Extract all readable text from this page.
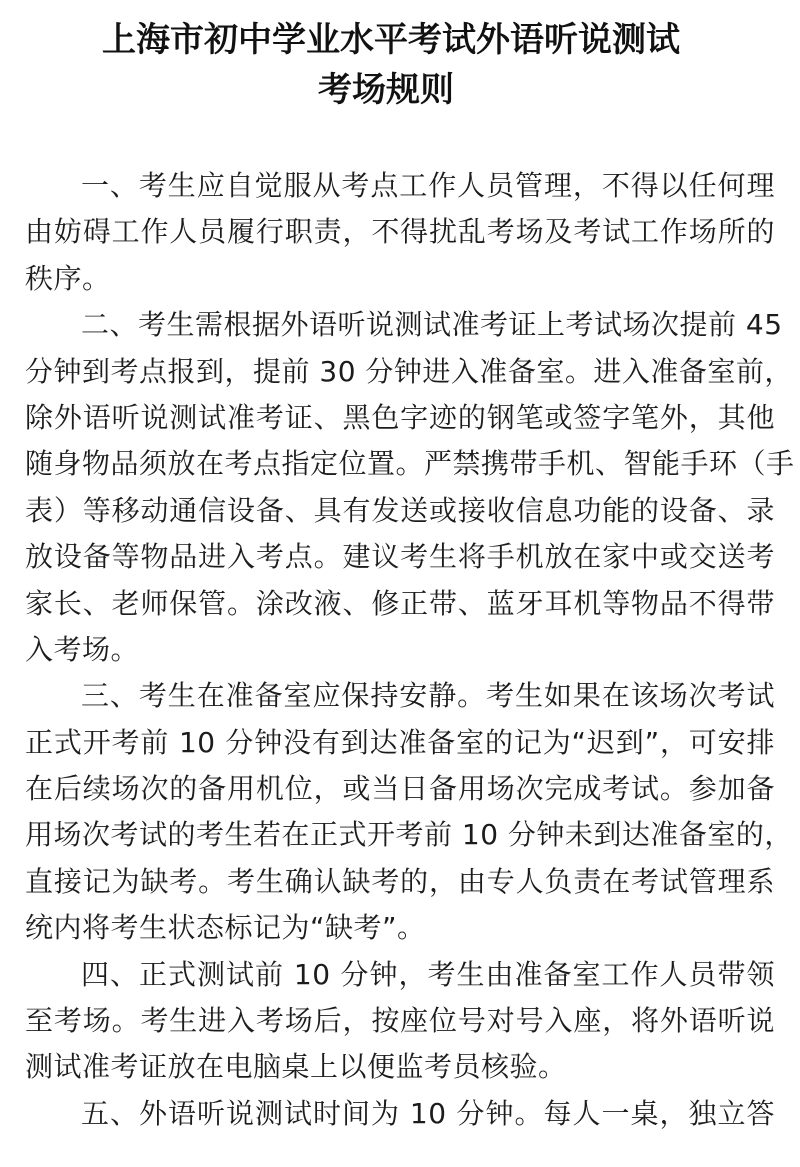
上海市初中学业水平考试外语听说测试
考场规则
一、考生应自觉服从考点工作人员管理，不得以任何理
由妨碍工作人员履行职责，不得扰乱考场及考试工作场所的
秩序。
二、考生需根据外语听说测试准考证上考试场次提前 45
分钟到考点报到，提前 30 分钟进入准备室。进入准备室前，
除外语听说测试准考证、黑色字迹的钢笔或签字笔外，其他
随身物品须放在考点指定位置。严禁携带手机、智能手环（手
表）等移动通信设备、具有发送或接收信息功能的设备、录
放设备等物品进入考点。建议考生将手机放在家中或交送考
家长、老师保管。涂改液、修正带、蓝牙耳机等物品不得带
入考场。
三、考生在准备室应保持安静。考生如果在该场次考试
正式开考前 10 分钟没有到达准备室的记为“迟到”，可安排
在后续场次的备用机位，或当日备用场次完成考试。参加备
用场次考试的考生若在正式开考前 10 分钟未到达准备室的，
直接记为缺考。考生确认缺考的，由专人负责在考试管理系
统内将考生状态标记为“缺考”。
四、正式测试前 10 分钟，考生由准备室工作人员带领
至考场。考生进入考场后，按座位号对号入座，将外语听说
测试准考证放在电脑桌上以便监考员核验。
五、外语听说测试时间为 10 分钟。每人一桌，独立答
